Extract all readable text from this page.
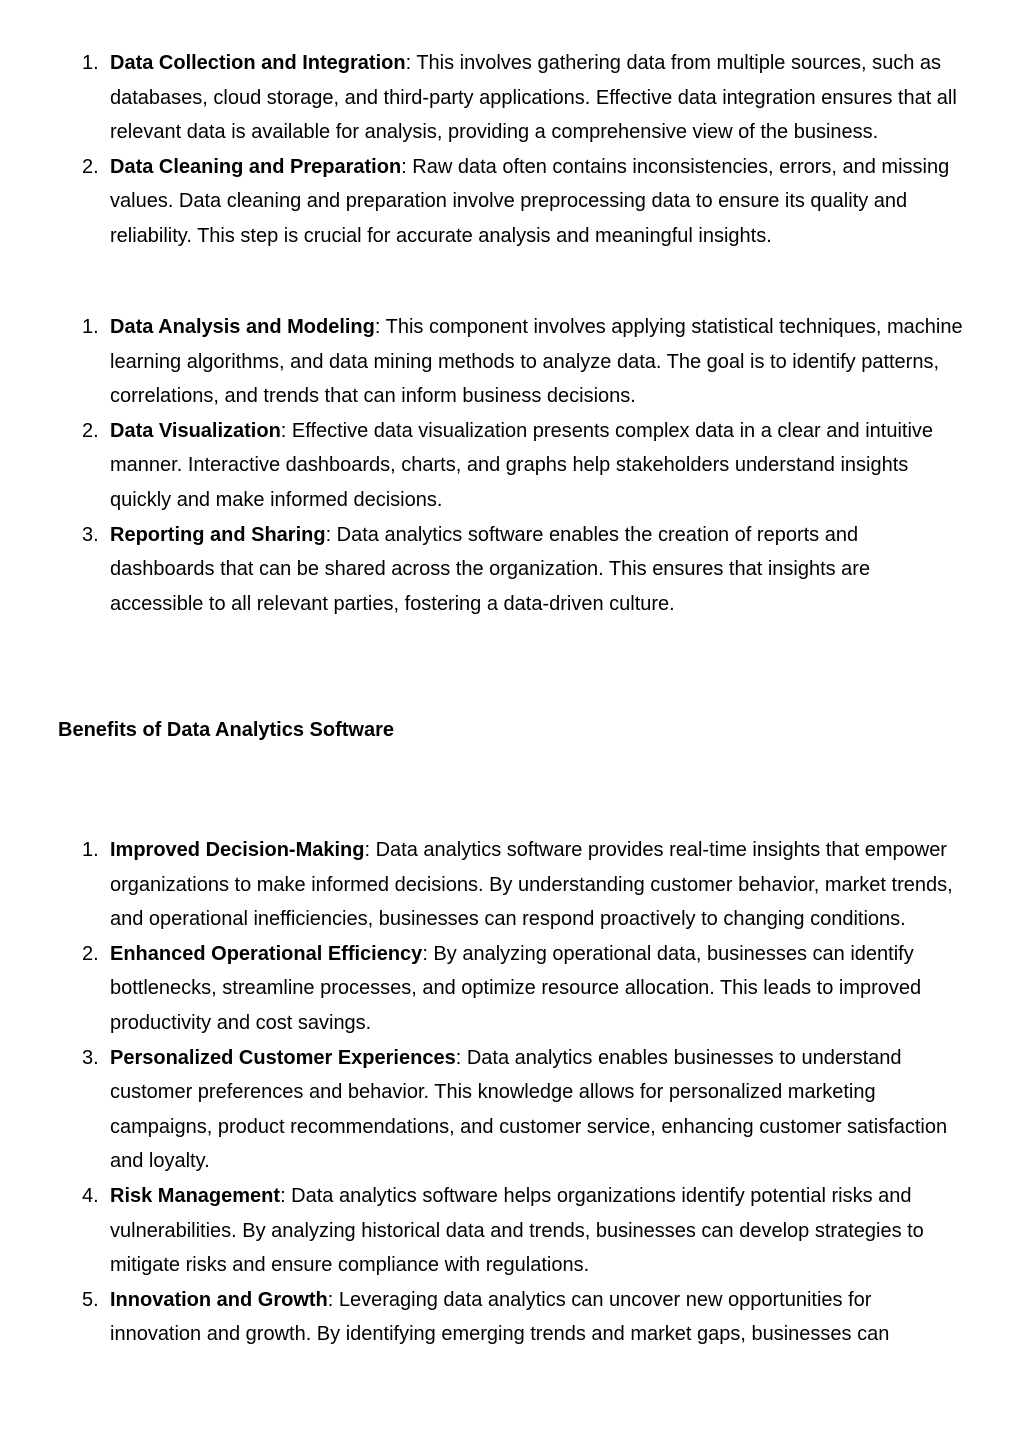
1. Data Collection and Integration: This involves gathering data from multiple sources, such as databases, cloud storage, and third-party applications. Effective data integration ensures that all relevant data is available for analysis, providing a comprehensive view of the business.
2. Data Cleaning and Preparation: Raw data often contains inconsistencies, errors, and missing values. Data cleaning and preparation involve preprocessing data to ensure its quality and reliability. This step is crucial for accurate analysis and meaningful insights.
1. Data Analysis and Modeling: This component involves applying statistical techniques, machine learning algorithms, and data mining methods to analyze data. The goal is to identify patterns, correlations, and trends that can inform business decisions.
2. Data Visualization: Effective data visualization presents complex data in a clear and intuitive manner. Interactive dashboards, charts, and graphs help stakeholders understand insights quickly and make informed decisions.
3. Reporting and Sharing: Data analytics software enables the creation of reports and dashboards that can be shared across the organization. This ensures that insights are accessible to all relevant parties, fostering a data-driven culture.
Benefits of Data Analytics Software
1. Improved Decision-Making: Data analytics software provides real-time insights that empower organizations to make informed decisions. By understanding customer behavior, market trends, and operational inefficiencies, businesses can respond proactively to changing conditions.
2. Enhanced Operational Efficiency: By analyzing operational data, businesses can identify bottlenecks, streamline processes, and optimize resource allocation. This leads to improved productivity and cost savings.
3. Personalized Customer Experiences: Data analytics enables businesses to understand customer preferences and behavior. This knowledge allows for personalized marketing campaigns, product recommendations, and customer service, enhancing customer satisfaction and loyalty.
4. Risk Management: Data analytics software helps organizations identify potential risks and vulnerabilities. By analyzing historical data and trends, businesses can develop strategies to mitigate risks and ensure compliance with regulations.
5. Innovation and Growth: Leveraging data analytics can uncover new opportunities for innovation and growth. By identifying emerging trends and market gaps, businesses can
